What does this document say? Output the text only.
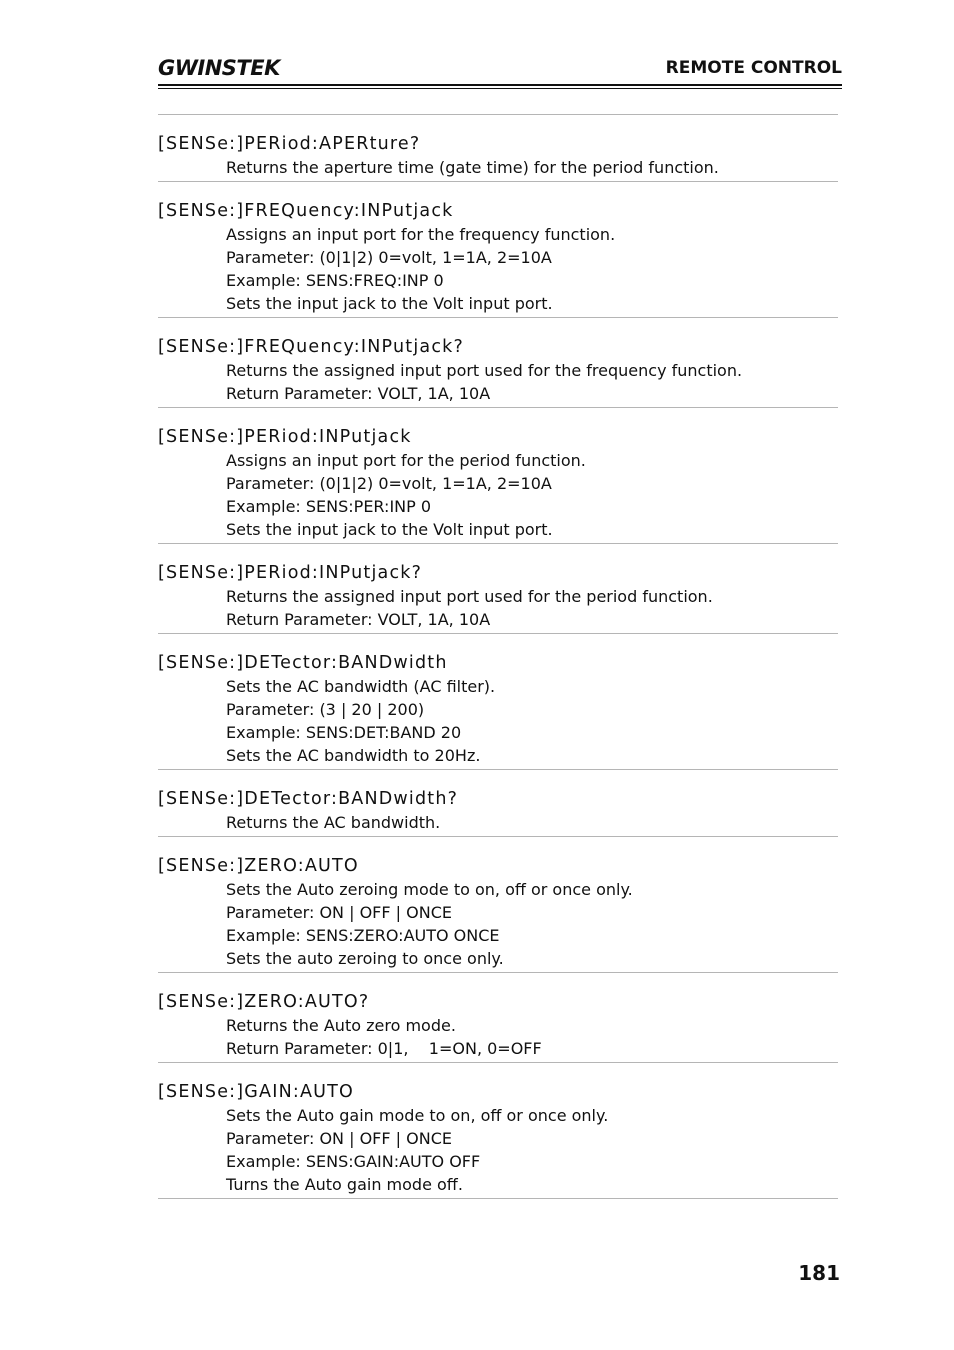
GWINSTEK	REMOTE CONTROL
[SENSe:]PERiod:APERture?
Returns the aperture time (gate time) for the period function.
[SENSe:]FREQuency:INPutjack
Assigns an input port for the frequency function.
Parameter: (0|1|2) 0=volt, 1=1A, 2=10A
Example: SENS:FREQ:INP 0
Sets the input jack to the Volt input port.
[SENSe:]FREQuency:INPutjack?
Returns the assigned input port used for the frequency function.
Return Parameter: VOLT, 1A, 10A
[SENSe:]PERiod:INPutjack
Assigns an input port for the period function.
Parameter: (0|1|2) 0=volt, 1=1A, 2=10A
Example: SENS:PER:INP 0
Sets the input jack to the Volt input port.
[SENSe:]PERiod:INPutjack?
Returns the assigned input port used for the period function.
Return Parameter: VOLT, 1A, 10A
[SENSe:]DETector:BANDwidth
Sets the AC bandwidth (AC filter).
Parameter: (3 | 20 | 200)
Example: SENS:DET:BAND 20
Sets the AC bandwidth to 20Hz.
[SENSe:]DETector:BANDwidth?
Returns the AC bandwidth.
[SENSe:]ZERO:AUTO
Sets the Auto zeroing mode to on, off or once only.
Parameter: ON | OFF | ONCE
Example: SENS:ZERO:AUTO ONCE
Sets the auto zeroing to once only.
[SENSe:]ZERO:AUTO?
Returns the Auto zero mode.
Return Parameter: 0|1,    1=ON, 0=OFF
[SENSe:]GAIN:AUTO
Sets the Auto gain mode to on, off or once only.
Parameter: ON | OFF | ONCE
Example: SENS:GAIN:AUTO OFF
Turns the Auto gain mode off.
181
